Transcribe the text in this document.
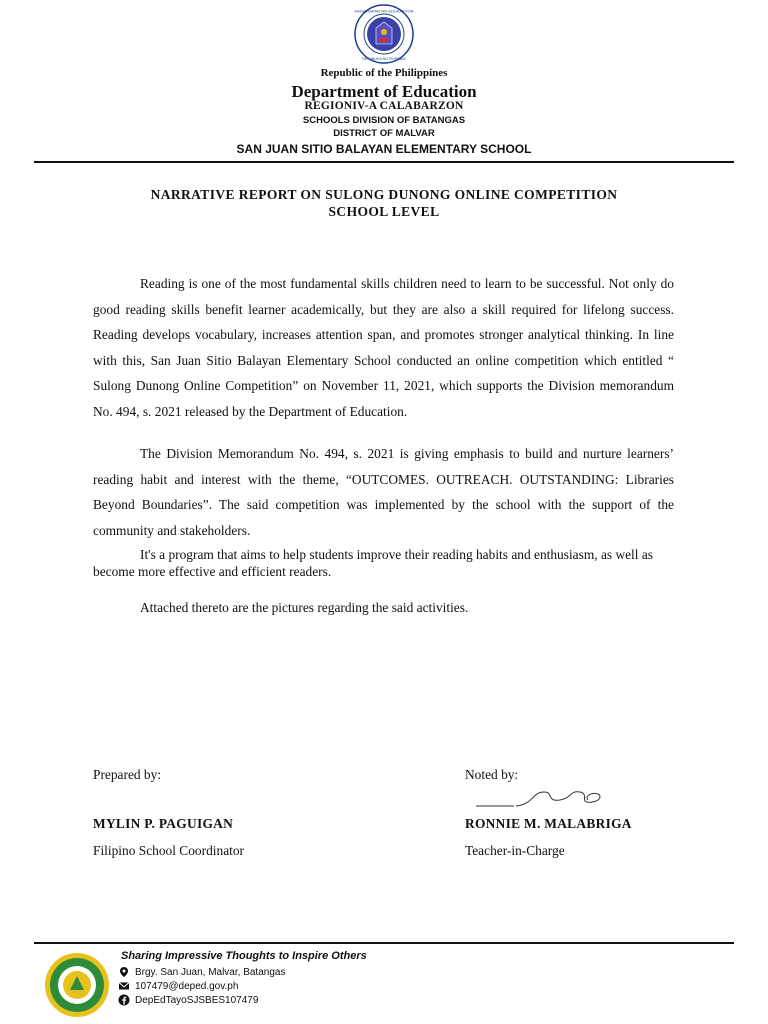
KAGAWARAN NG EDUKASYON
REPUBLIKA NG PILIPINAS
Republic of the Philippines
Department of Education
REGIONIV-A CALABARZON
SCHOOLS DIVISION OF BATANGAS
DISTRICT OF MALVAR
SAN JUAN SITIO BALAYAN ELEMENTARY SCHOOL
NARRATIVE REPORT ON SULONG DUNONG ONLINE COMPETITION
SCHOOL LEVEL
Reading is one of the most fundamental skills children need to learn to be successful. Not only do good reading skills benefit learner academically, but they are also a skill required for lifelong success. Reading develops vocabulary, increases attention span, and promotes stronger analytical thinking. In line with this, San Juan Sitio Balayan Elementary School conducted an online competition which entitled “ Sulong Dunong Online Competition” on November 11, 2021, which supports the Division memorandum No. 494, s. 2021 released by the Department of Education.
The Division Memorandum No. 494, s. 2021 is giving emphasis to build and nurture learners’ reading habit and interest with the theme, “OUTCOMES. OUTREACH. OUTSTANDING: Libraries Beyond Boundaries”. The said competition was implemented by the school with the support of the community and stakeholders.
It's a program that aims to help students improve their reading habits and enthusiasm, as well as become more effective and efficient readers.
Attached thereto are the pictures regarding the said activities.
Prepared by:	Noted by:
MYLIN P. PAGUIGAN	RONNIE M. MALABRIGA
Filipino School Coordinator	Teacher-in-Charge
Sharing Impressive Thoughts to Inspire Others
Brgy. San Juan, Malvar, Batangas
107479@deped.gov.ph
DepEdTayoSJSBES107479
